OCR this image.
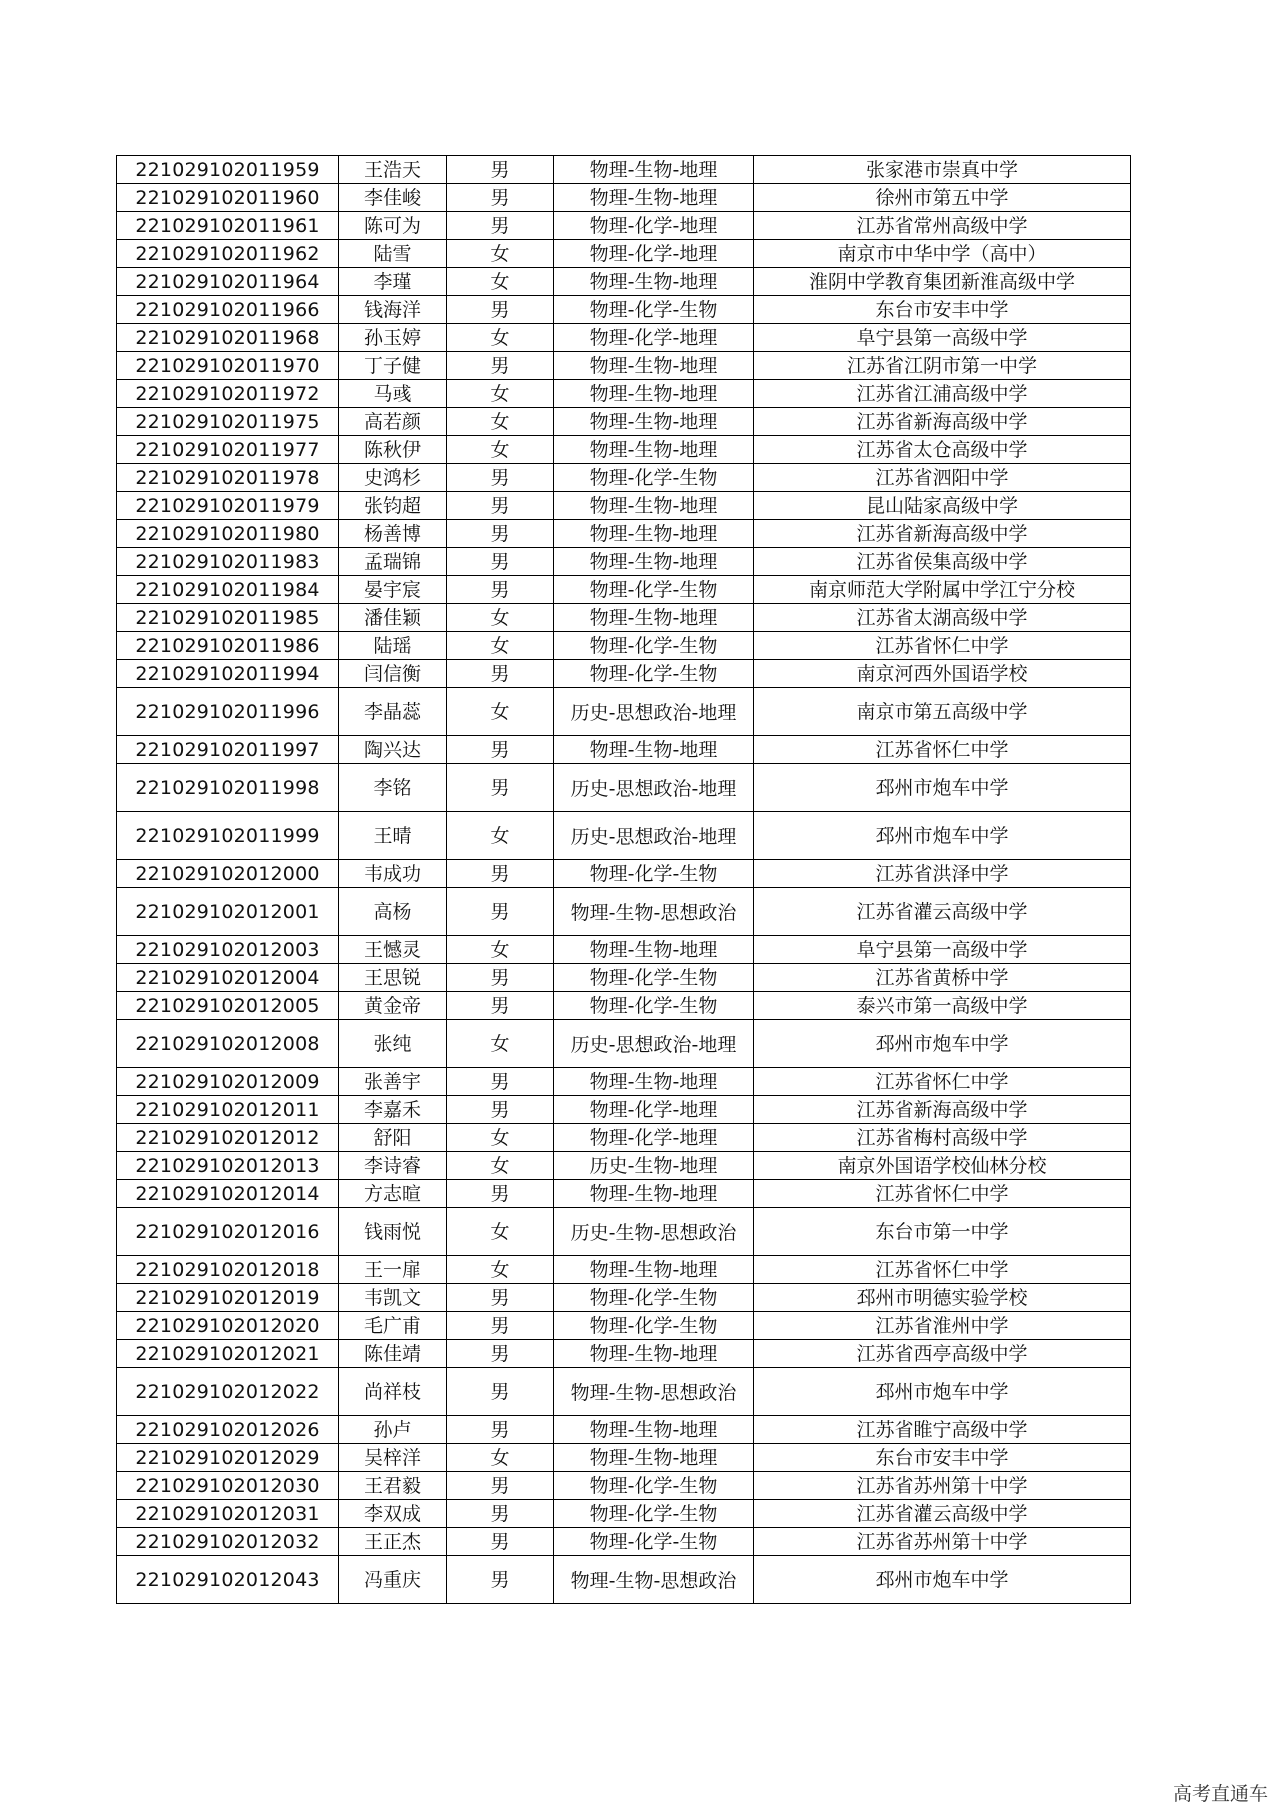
221029102011959	王浩天	男	物理-生物-地理	张家港市崇真中学
221029102011960	李佳峻	男	物理-生物-地理	徐州市第五中学
221029102011961	陈可为	男	物理-化学-地理	江苏省常州高级中学
221029102011962	陆雪	女	物理-化学-地理	南京市中华中学（高中）
221029102011964	李瑾	女	物理-生物-地理	淮阴中学教育集团新淮高级中学
221029102011966	钱海洋	男	物理-化学-生物	东台市安丰中学
221029102011968	孙玉婷	女	物理-化学-地理	阜宁县第一高级中学
221029102011970	丁子健	男	物理-生物-地理	江苏省江阴市第一中学
221029102011972	马彧	女	物理-生物-地理	江苏省江浦高级中学
221029102011975	高若颜	女	物理-生物-地理	江苏省新海高级中学
221029102011977	陈秋伊	女	物理-生物-地理	江苏省太仓高级中学
221029102011978	史鸿杉	男	物理-化学-生物	江苏省泗阳中学
221029102011979	张钧超	男	物理-生物-地理	昆山陆家高级中学
221029102011980	杨善博	男	物理-生物-地理	江苏省新海高级中学
221029102011983	孟瑞锦	男	物理-生物-地理	江苏省侯集高级中学
221029102011984	晏宇宸	男	物理-化学-生物	南京师范大学附属中学江宁分校
221029102011985	潘佳颖	女	物理-生物-地理	江苏省太湖高级中学
221029102011986	陆瑶	女	物理-化学-生物	江苏省怀仁中学
221029102011994	闫信衡	男	物理-化学-生物	南京河西外国语学校
221029102011996	李晶蕊	女	历史-思想政治-地理	南京市第五高级中学
221029102011997	陶兴达	男	物理-生物-地理	江苏省怀仁中学
221029102011998	李铭	男	历史-思想政治-地理	邳州市炮车中学
221029102011999	王晴	女	历史-思想政治-地理	邳州市炮车中学
221029102012000	韦成功	男	物理-化学-生物	江苏省洪泽中学
221029102012001	高杨	男	物理-生物-思想政治	江苏省灌云高级中学
221029102012003	王憾灵	女	物理-生物-地理	阜宁县第一高级中学
221029102012004	王思锐	男	物理-化学-生物	江苏省黄桥中学
221029102012005	黄金帝	男	物理-化学-生物	泰兴市第一高级中学
221029102012008	张纯	女	历史-思想政治-地理	邳州市炮车中学
221029102012009	张善宇	男	物理-生物-地理	江苏省怀仁中学
221029102012011	李嘉禾	男	物理-化学-地理	江苏省新海高级中学
221029102012012	舒阳	女	物理-化学-地理	江苏省梅村高级中学
221029102012013	李诗睿	女	历史-生物-地理	南京外国语学校仙林分校
221029102012014	方志暄	男	物理-生物-地理	江苏省怀仁中学
221029102012016	钱雨悦	女	历史-生物-思想政治	东台市第一中学
221029102012018	王一扉	女	物理-生物-地理	江苏省怀仁中学
221029102012019	韦凯文	男	物理-化学-生物	邳州市明德实验学校
221029102012020	毛广甫	男	物理-化学-生物	江苏省淮州中学
221029102012021	陈佳靖	男	物理-生物-地理	江苏省西亭高级中学
221029102012022	尚祥枝	男	物理-生物-思想政治	邳州市炮车中学
221029102012026	孙卢	男	物理-生物-地理	江苏省睢宁高级中学
221029102012029	吴梓洋	女	物理-生物-地理	东台市安丰中学
221029102012030	王君毅	男	物理-化学-生物	江苏省苏州第十中学
221029102012031	李双成	男	物理-化学-生物	江苏省灌云高级中学
221029102012032	王正杰	男	物理-化学-生物	江苏省苏州第十中学
221029102012043	冯重庆	男	物理-生物-思想政治	邳州市炮车中学
高考直通车
